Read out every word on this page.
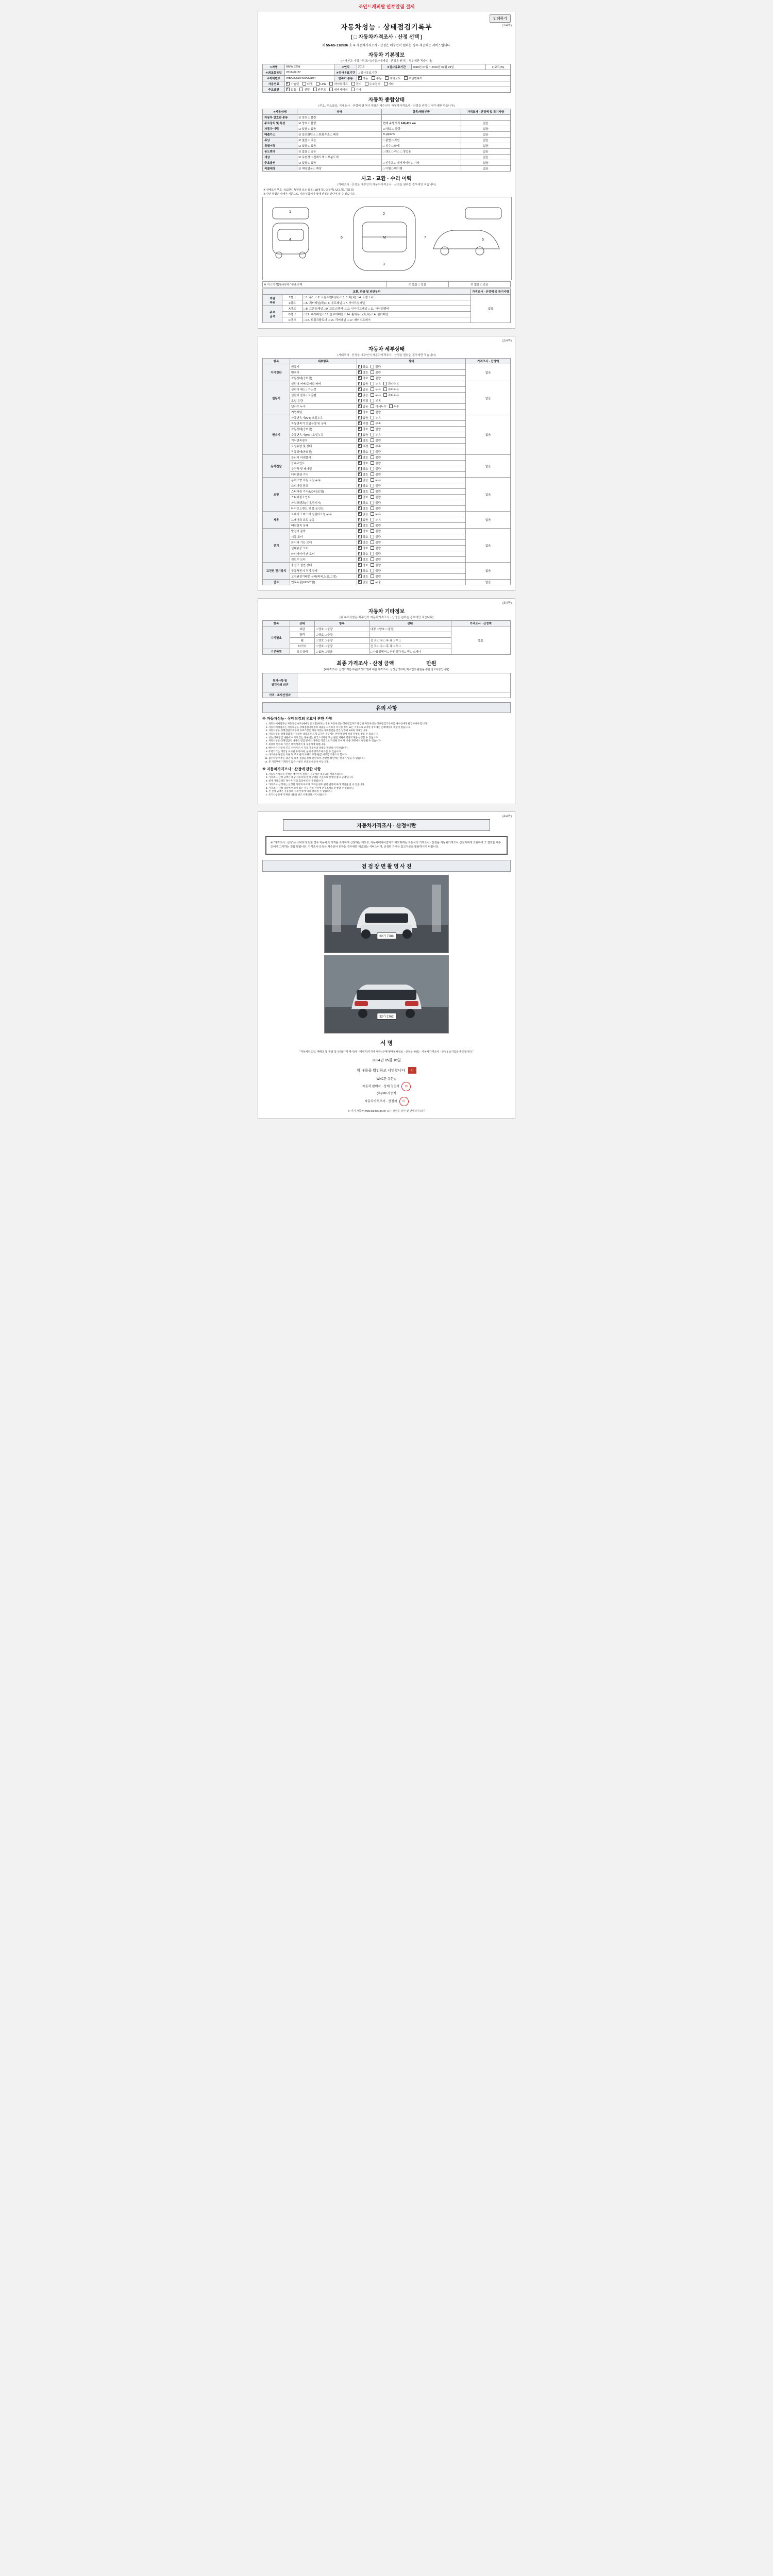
조인트캐피탈 안부알림 결제
인쇄하기
(1/4쪽)
자동차성능 · 상태점검기록부
( □ 자동차가격조사 · 산정 선택 )
제 55-65-118536 호 ※ 자동차가격조사 · 산정은 매수인이 원하는 경우 제공해는 서비스입니다.
자동차 기본정보
(거래신고 가정가격 표시)자동차매매업 · 산정용 원하는 경우에만 적습니다)
①차명	BMW 320d	②연식	2018	③검사유효기간	2018년 07월 ~ 2020년 02월 29일	1)코드(%)
④최초등록일	2018-02-27	⑤검사유효기간	□ 검사유효기간			
⑥차대번호	WBA2C510400A33194	변속기 종류	✔자동 수동 세미오토 무단변속기
사용연료	✔가솔린 디젤 LPG 하이브리드 전기 수소전기 기타
주요옵션	✔없음 선팅 썬루프 네비게이션 기타
자동차 종합상태
(주요, 주요골조, 거래조사 · 산정에 필 복기사항은 매수인이 자동차가격조사 · 산정을 원하는 경우에만 적습니다)
①사용상태	상태	항목/해당부품	가격조사 · 산정액 및 특기사항
자동차 번호판 종류	☑ 양호 □ 불량		
주요장치 및 특성	☑ 양호 □ 불량	현재 주행거리 146,411 km	없음
자동차 이력	☑ 있음 □ 없음	☑ 양호 □ 불량	없음
배출가스	☑ 일산화탄소 □ 탄화수소 □ 매연	% ppm %	없음
튜닝	☑ 없음 □ 있음	□ 불법 □ 적법	없음
특별이력	☑ 없음 □ 있음	□ 침수 □ 화재	없음
용도변경	☑ 없음 □ 있음	□ 렌트 □ 리스 □ 영업용	없음
색상	☑ 무변경 □ 전체도색 □ 부분도색		없음
주요옵션	☑ 없음 □ 있음	□ 선루프 □ 내비게이션 □ 기타	없음
리콜대상	☑ 해당없음 □ 해당	□ 이행 □ 미이행	없음
사고 · 교환 · 수리 이력
(거래조사 · 산정을 매수인이 자동차가격조사 · 산정을 원하는 경우에만 적습니다)
※ 상태표시 부호 : X(교환), A(판금 또는 용접), W(용접), C(부식), U(요철), T(흠집)
※ 판단 방법은 상태가 기준으로, 기타 부품이나 상태 판정은 판단이 될 수 있습니다.
1
2
M
3
4	5
6	7
※ 사고이력(유/무)에 / 부품교체	☑ 없음 □ 있음	☑ 없음 □ 있음
교환, 판금 및 외판부위			가격조사 · 산정액 및 특기사항
외판
부위	1랭크	□ 1. 후드 □ 2. 프론트펜더(좌) □ 3. 도어(좌) □ 4. 트렁크리드	없음
	2랭크	□ 5. 쿼터패널(좌) □ 6. 루프패널 □ 7. 사이드실패널	
주요
골격	A랭크	□ 8. 프론트패널 □ 9. 크로스멤버 □ 10. 인사이드패널 □ 11. 사이드멤버	
	B랭크	□ 12. 대시패널 □ 13. 플로어패널 □ 14. 휠하우스(좌,우) □ A. 필러패널	
	C랭크	□ 15. 트렁크플로어 □ 16. 리어패널 □ 17. 패키지트레이	
(2/4쪽)
자동차 세부상태
(거래조사 · 산정을 매수인이 자동차가격조사 · 산정을 원하는 경우에만 적습니다)
항목	세부항목	상태	가격조사 · 산정액
자기진단	원동기	✔양호 불량	없음
	변속기	✔양호 불량
	작동상태(공회전)	✔양호 불량
원동기	실린더 커버/로커암 커버	✔없음 누유 과다누유	없음
	실린더 헤드 / 가스켓	✔없음 누유 과다누유
	실린더 블록 / 오일팬	✔없음 누유 과다누유
	오일 유량	✔적정 부족
	냉각수 누수	✔없음 미세누수 누수
	커먼레일	✔양호 불량
변속기	자동변속기(A/T) 오일누유	✔없음 누유	없음
	자동변속기 오일유량 및 상태	✔적정 부족
	작동상태(공회전)	✔양호 불량
	수동변속기(M/T) 오일누유	✔없음 누유
	기어변속장치	✔양호 불량
	오일유량 및 상태	✔적정 부족
	작동상태(공회전)	✔양호 불량
동력전달	클러치 어셈블리	✔양호 불량	없음
	등속죠인트	✔양호 불량
	추진축 및 베어링	✔양호 불량
	디퍼렌셜 기어	✔양호 불량
조향	동력조향 작동 오일 누유	✔없음 누유	없음
	스티어링 펌프	✔양호 불량
	스티어링 기어(MDPS포함)	✔양호 불량
	스티어링조인트	✔양호 불량
	파워크랭크(기어,링키지)	✔양호 불량
	타이로드엔드 및 볼 조인트	✔양호 불량
제동	브레이크 마스터 실린더오일 누유	✔없음 누유	없음
	브레이크 오일 누유	✔없음 누유
	배력장치 상태	✔양호 불량
전기	발전기 출력	✔양호 불량	없음
	시동 모터	✔양호 불량
	와이퍼 기능 모터	✔양호 불량
	실내송풍 모터	✔양호 불량
	라디에이터 팬 모터	✔양호 불량
	윈도우 모터	✔양호 불량
고전원 전기장치	충전구 절연 상태	✔양호 불량	없음
	구동축전지 격리 상태	✔양호 불량
	고전원전기배선 상태(피복,노출,고정)	✔양호 불량
연료	연료누출(LPG포함)	✔없음 누출	없음
(3/4쪽)
자동차 기타정보
(유 복기사항은 매수인이 자동차가격조사 · 산정을 원하는 경우에만 적습니다)
항목	상태	항목	상태	가격조사 · 산정액
수리필요	외판	□ 양호 □ 불량	내장 □ 양호 □ 불량	없음
	광택	□ 양호 □ 불량		
	휠	□ 양호 □ 불량	전 좌 □ 우 □ 후 좌 □ 우 □	
	타이어	□ 양호 □ 불량	전 좌 □ 우 □ 후 좌 □ 우 □	
기본품목	보유상태	□ 없음 □ 있음	□ 사용설명서 □ 안전삼각대 □ 잭 □ 스패너	
최종 가격조사 · 산정 금액	만원
(※가격조사 · 산정가격은 부품(조정가액)에 대한 가격조사 · 산정금액이며, 매수인의 판단을 위한 참고사항입니다)
특기사항 및
점검자의 의견	
가격 · 조사산정자	
유의 사항
※ 자동차성능 · 상태점검의 유효에 관한 사항
1. 자동차매매업자는 자동차를 매도(매매알선 포함)하려는 경우 자동차성능·상태점검자가 발급한 자동차성능·상태점검기록부를 매수인에게 발급하여야 합니다.
2. 자동차매매업자는 자동차성능·상태점검기록부의 내용을 고지하지 아니한 경우 또는 거짓으로 고지한 경우에는 손해배상의 책임이 있습니다.
3. 자동차성능·상태점검기록부의 유효기간은 자동차성능·상태점검을 받은 날부터 120일 이내입니다.
4. 자동차성능·상태점검자는 점검한 내용과 다르게 고지한 경우에는 관련 법령에 따라 처벌을 받을 수 있습니다.
5. 성능·상태점검 내용에 이의가 있는 경우에는 한국소비자원 또는 관련 기관에 분쟁조정을 신청할 수 있습니다.
6. 자동차성능·상태점검의 내용은 점검 당시의 상태를 기준으로 작성된 것이며, 사용 과정에서 변동될 수 있습니다.
7. 보증의 범위와 기간은 매매계약서 및 보증서에 따릅니다.
8. 매수인은 자동차 인도 전에 반드시 직접 자동차의 상태를 확인하시기 바랍니다.
9. 주행거리는 계기상 표시된 수치이며, 실제 주행거리와 다를 수 있습니다.
10. 사고유무 판단은 외판 및 주요 골격 부위의 교환·판금 여부를 기준으로 합니다.
11. 침수차량 여부는 외관 및 내부 점검을 통해 판단하며, 완전한 확인에는 한계가 있을 수 있습니다.
12. 본 기록부에 기재되지 않은 사항은 보증의 대상이 아닙니다.
※ 자동차가격조사 · 산정에 관한 사항
1. 자동차가격조사·산정은 매수인이 원하는 경우에만 제공되는 서비스입니다.
2. 가격조사·산정 금액은 해당 자동차의 현재 상태를 기준으로 산정한 참고 금액입니다.
3. 실제 거래금액은 당사자 간의 합의에 따라 결정됩니다.
4. 가격조사·산정자는 산정한 가격과 다르게 고지한 경우 관련 법령에 따라 책임을 질 수 있습니다.
5. 가격조사·산정 내용에 이의가 있는 경우 관련 기관에 분쟁조정을 신청할 수 있습니다.
6. 본 산정 금액은 자동차의 시세 변동에 따라 달라질 수 있습니다.
7. 특기사항란에 기재된 내용을 반드시 확인하시기 바랍니다.
(4/4쪽)
자동차가격조사 · 산정이란
※ "가격조사 · 산정"은 소비자가 원할 경우 자동차의 가격을 조사하여 산정하는 제도로, 자동차매매사업자가 매도하려는 자동차의 가격조사 · 산정을 자동차가격조사·산정자에게 의뢰하여 그 결과를 매수인에게 고지하는 것을 말합니다. 가격조사·산정은 매수인이 원하는 경우에만 제공되는 서비스이며, 산정된 가격은 참고자료로 활용하시기 바랍니다.
검 검 장 면 촬 영 사 진
32가 7788
32가 2762
서 명
"자동차인도일, 매매조 및 점검 및 산정(가격 제시)자 · 매니저(기기에 따라 (구매자/자동차정보 · 산정을 완료) · 자동차가격조사 · 산정 ) 보기입을 확인합니다."
2024년 05월 16일
위 내용을 확인하고 서명합니다 인
WKC한 유한법
자동차 판매자 · 상태 점검자 印
(주)BM 자동차
자동차가격조사 · 산정자 印
※ 자기 자동차(www.car365.go.kr) 또는 삼성을 검사 및 판매하여 되기
